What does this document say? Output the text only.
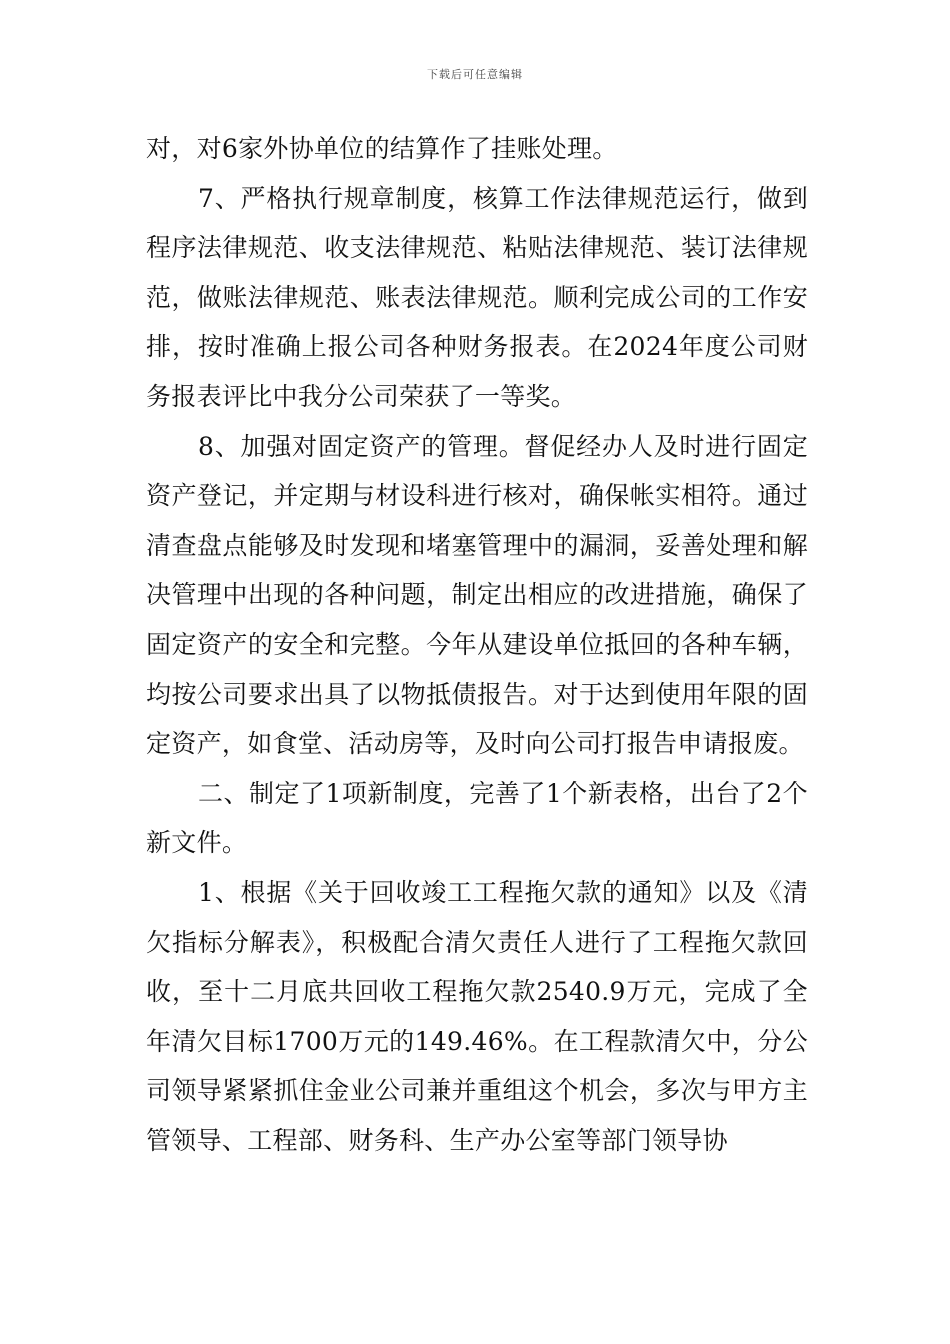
下载后可任意编辑

对，对6家外协单位的结算作了挂账处理。

7、严格执行规章制度，核算工作法律规范运行，做到程序法律规范、收支法律规范、粘贴法律规范、装订法律规范，做账法律规范、账表法律规范。顺利完成公司的工作安排，按时准确上报公司各种财务报表。在2024年度公司财务报表评比中我分公司荣获了一等奖。

8、加强对固定资产的管理。督促经办人及时进行固定资产登记，并定期与材设科进行核对，确保帐实相符。通过清查盘点能够及时发现和堵塞管理中的漏洞，妥善处理和解决管理中出现的各种问题，制定出相应的改进措施，确保了固定资产的安全和完整。今年从建设单位抵回的各种车辆，均按公司要求出具了以物抵债报告。对于达到使用年限的固定资产，如食堂、活动房等，及时向公司打报告申请报废。

二、制定了1项新制度，完善了1个新表格，出台了2个新文件。

1、根据《关于回收竣工工程拖欠款的通知》以及《清欠指标分解表》，积极配合清欠责任人进行了工程拖欠款回收，至十二月底共回收工程拖欠款2540.9万元，完成了全年清欠目标1700万元的149.46%。在工程款清欠中，分公司领导紧紧抓住金业公司兼并重组这个机会，多次与甲方主管领导、工程部、财务科、生产办公室等部门领导协
